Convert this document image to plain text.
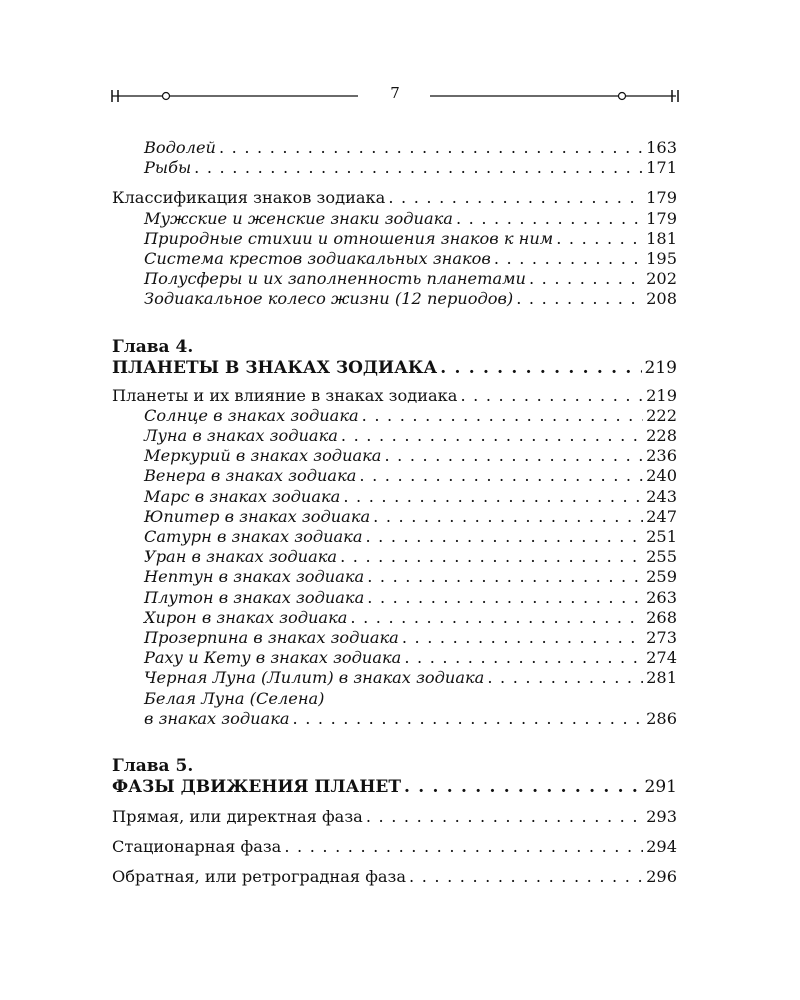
7
Водолей . . .	163
Рыбы . . .	171
Классификация знаков зодиака . . .	179
Мужские и женские знаки зодиака . . .	179
Природные стихии и отношения знаков к ним . . .	181
Система крестов зодиакальных знаков . . .	195
Полусферы и их заполненность планетами . . .	202
Зодиакальное колесо жизни (12 периодов) . . .	208
Глава 4.
ПЛАНЕТЫ В ЗНАКАХ ЗОДИАКА . . .	219
Планеты и их влияние в знаках зодиака . . .	219
Солнце в знаках зодиака . . .	222
Луна в знаках зодиака . . .	228
Меркурий в знаках зодиака . . .	236
Венера в знаках зодиака . . .	240
Марс в знаках зодиака . . .	243
Юпитер в знаках зодиака . . .	247
Сатурн в знаках зодиака . . .	251
Уран в знаках зодиака . . .	255
Нептун в знаках зодиака . . .	259
Плутон в знаках зодиака . . .	263
Хирон в знаках зодиака . . .	268
Прозерпина в знаках зодиака . . .	273
Раху и Кету в знаках зодиака . . .	274
Черная Луна (Лилит) в знаках зодиака . . .	281
Белая Луна (Селена)
в знаках зодиака . . .	286
Глава 5.
ФАЗЫ ДВИЖЕНИЯ ПЛАНЕТ . . .	291
Прямая, или директная фаза . . .	293
Стационарная фаза . . .	294
Обратная, или ретроградная фаза . . .	296
